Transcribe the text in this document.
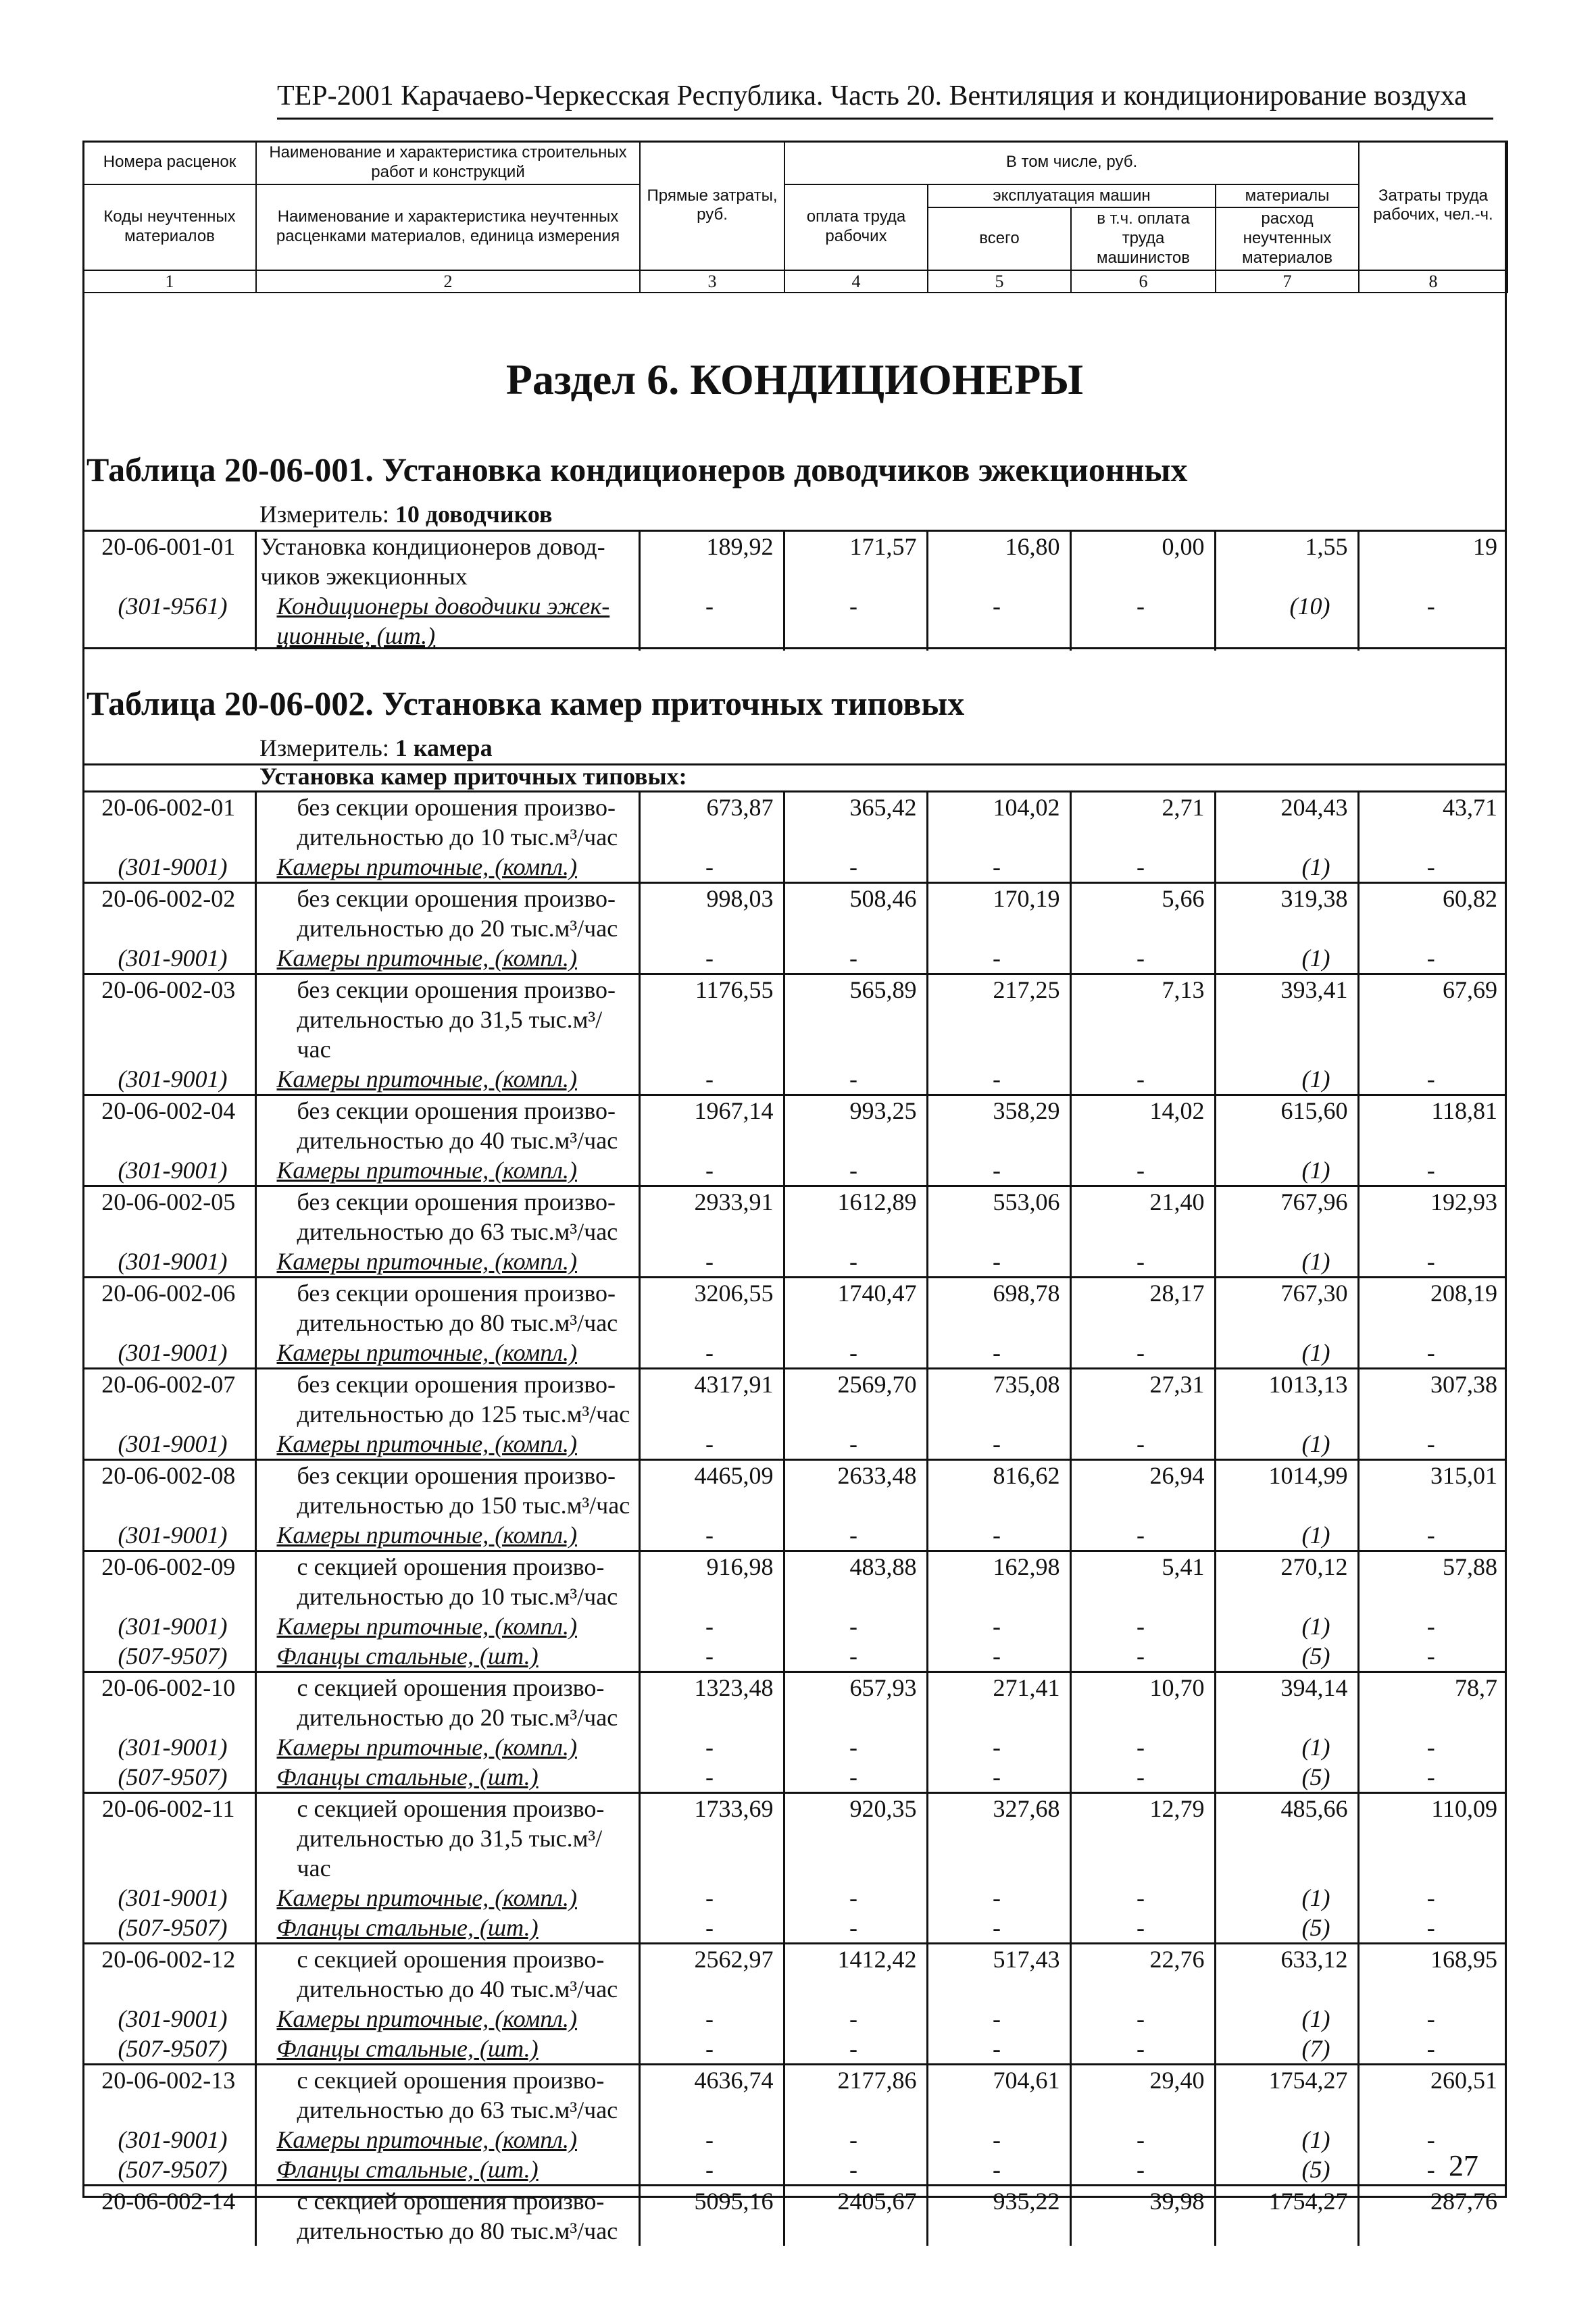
ТЕР-2001 Карачаево-Черкесская Республика. Часть 20. Вентиляция и кондиционирование воздуха
Номера расценок	Наименование и характеристика строительных работ и конструкций	Прямые затраты, руб.	В том числе, руб.				Затраты труда рабочих, чел.-ч.
Коды неучтенных материалов	Наименование и характеристика неучтенных расценками материалов, единица измерения		оплата труда рабочих	эксплуатация машин		материалы	
				всего	в т.ч. оплата труда машинистов	расход неучтенных материалов	

1	2	3	4	5	6	7	8
Раздел 6. КОНДИЦИОНЕРЫ
Таблица 20-06-001. Установка кондиционеров доводчиков эжекционных
Измеритель: 10 доводчиков
20-06-001-01	Установка кондиционеров довод-чиков эжекционных	189,92	171,57	16,80	0,00	1,55	19
(301-9561)	Кондиционеры доводчики эжек-ционные, (шт.)	-	-	-	-	(10)	-
Таблица 20-06-002. Установка камер приточных типовых
Измеритель: 1 камера
Установка камер приточных типовых:
20-06-002-01	без секции орошения произво-дительностью до 10 тыс.м³/час	673,87	365,42	104,02	2,71	204,43	43,71
(301-9001)	Камеры приточные, (компл.)	-	-	-	-	(1)	-
20-06-002-02	без секции орошения произво-дительностью до 20 тыс.м³/час	998,03	508,46	170,19	5,66	319,38	60,82
(301-9001)	Камеры приточные, (компл.)	-	-	-	-	(1)	-
20-06-002-03	без секции орошения произво-дительностью до 31,5 тыс.м³/час	1176,55	565,89	217,25	7,13	393,41	67,69
(301-9001)	Камеры приточные, (компл.)	-	-	-	-	(1)	-
20-06-002-04	без секции орошения произво-дительностью до 40 тыс.м³/час	1967,14	993,25	358,29	14,02	615,60	118,81
(301-9001)	Камеры приточные, (компл.)	-	-	-	-	(1)	-
20-06-002-05	без секции орошения произво-дительностью до 63 тыс.м³/час	2933,91	1612,89	553,06	21,40	767,96	192,93
(301-9001)	Камеры приточные, (компл.)	-	-	-	-	(1)	-
20-06-002-06	без секции орошения произво-дительностью до 80 тыс.м³/час	3206,55	1740,47	698,78	28,17	767,30	208,19
(301-9001)	Камеры приточные, (компл.)	-	-	-	-	(1)	-
20-06-002-07	без секции орошения произво-дительностью до 125 тыс.м³/час	4317,91	2569,70	735,08	27,31	1013,13	307,38
(301-9001)	Камеры приточные, (компл.)	-	-	-	-	(1)	-
20-06-002-08	без секции орошения произво-дительностью до 150 тыс.м³/час	4465,09	2633,48	816,62	26,94	1014,99	315,01
(301-9001)	Камеры приточные, (компл.)	-	-	-	-	(1)	-
20-06-002-09	с секцией орошения произво-дительностью до 10 тыс.м³/час	916,98	483,88	162,98	5,41	270,12	57,88
(301-9001)	Камеры приточные, (компл.)	-	-	-	-	(1)	-
(507-9507)	Фланцы стальные, (шт.)	-	-	-	-	(5)	-
20-06-002-10	с секцией орошения произво-дительностью до 20 тыс.м³/час	1323,48	657,93	271,41	10,70	394,14	78,7
(301-9001)	Камеры приточные, (компл.)	-	-	-	-	(1)	-
(507-9507)	Фланцы стальные, (шт.)	-	-	-	-	(5)	-
20-06-002-11	с секцией орошения произво-дительностью до 31,5 тыс.м³/час	1733,69	920,35	327,68	12,79	485,66	110,09
(301-9001)	Камеры приточные, (компл.)	-	-	-	-	(1)	-
(507-9507)	Фланцы стальные, (шт.)	-	-	-	-	(5)	-
20-06-002-12	с секцией орошения произво-дительностью до 40 тыс.м³/час	2562,97	1412,42	517,43	22,76	633,12	168,95
(301-9001)	Камеры приточные, (компл.)	-	-	-	-	(1)	-
(507-9507)	Фланцы стальные, (шт.)	-	-	-	-	(7)	-
20-06-002-13	с секцией орошения произво-дительностью до 63 тыс.м³/час	4636,74	2177,86	704,61	29,40	1754,27	260,51
(301-9001)	Камеры приточные, (компл.)	-	-	-	-	(1)	-
(507-9507)	Фланцы стальные, (шт.)	-	-	-	-	(5)	-
20-06-002-14	с секцией орошения произво-дительностью до 80 тыс.м³/час	5095,16	2405,67	935,22	39,98	1754,27	287,76
27
